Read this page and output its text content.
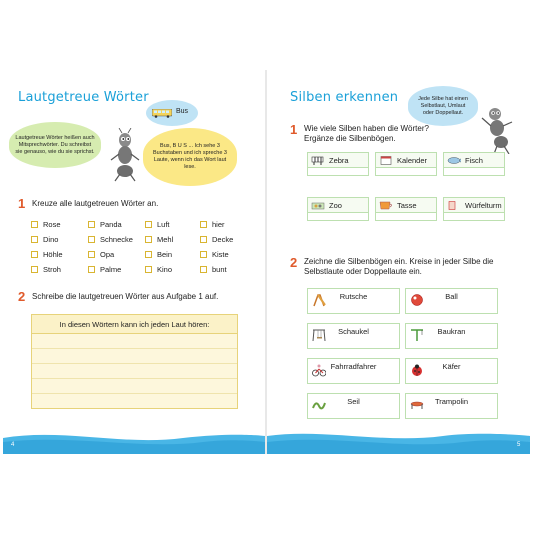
Lautgetreue Wörter
Lautgetreue Wörter heißen auch Mitsprechwörter. Du schreibst sie genauso, wie du sie sprichst.
Bus
Bus, B U S ... Ich sehe 3 Buchstaben und ich spreche 3 Laute, wenn ich das Wort laut lese.
1 Kreuze alle lautgetreuen Wörter an.
Rose	Panda	Luft	hier
Dino	Schnecke	Mehl	Decke
Höhle	Opa	Bein	Kiste
Stroh	Palme	Kino	bunt
2 Schreibe die lautgetreuen Wörter aus Aufgabe 1 auf.
In diesen Wörtern kann ich jeden Laut hören:
Silben erkennen	Jede Silbe hat einen Selbstlaut, Umlaut oder Doppellaut.
1 Wie viele Silben haben die Wörter?
Ergänze die Silbenbögen.
Zebra	Kalender	Fisch
Zoo	Tasse	Würfelturm
2 Zeichne die Silbenbögen ein. Kreise in jeder Silbe die
Selbstlaute oder Doppellaute ein.
Rutsche	Ball
Schaukel	Baukran
Fahrradfahrer	Käfer
Seil	Trampolin
4	5
